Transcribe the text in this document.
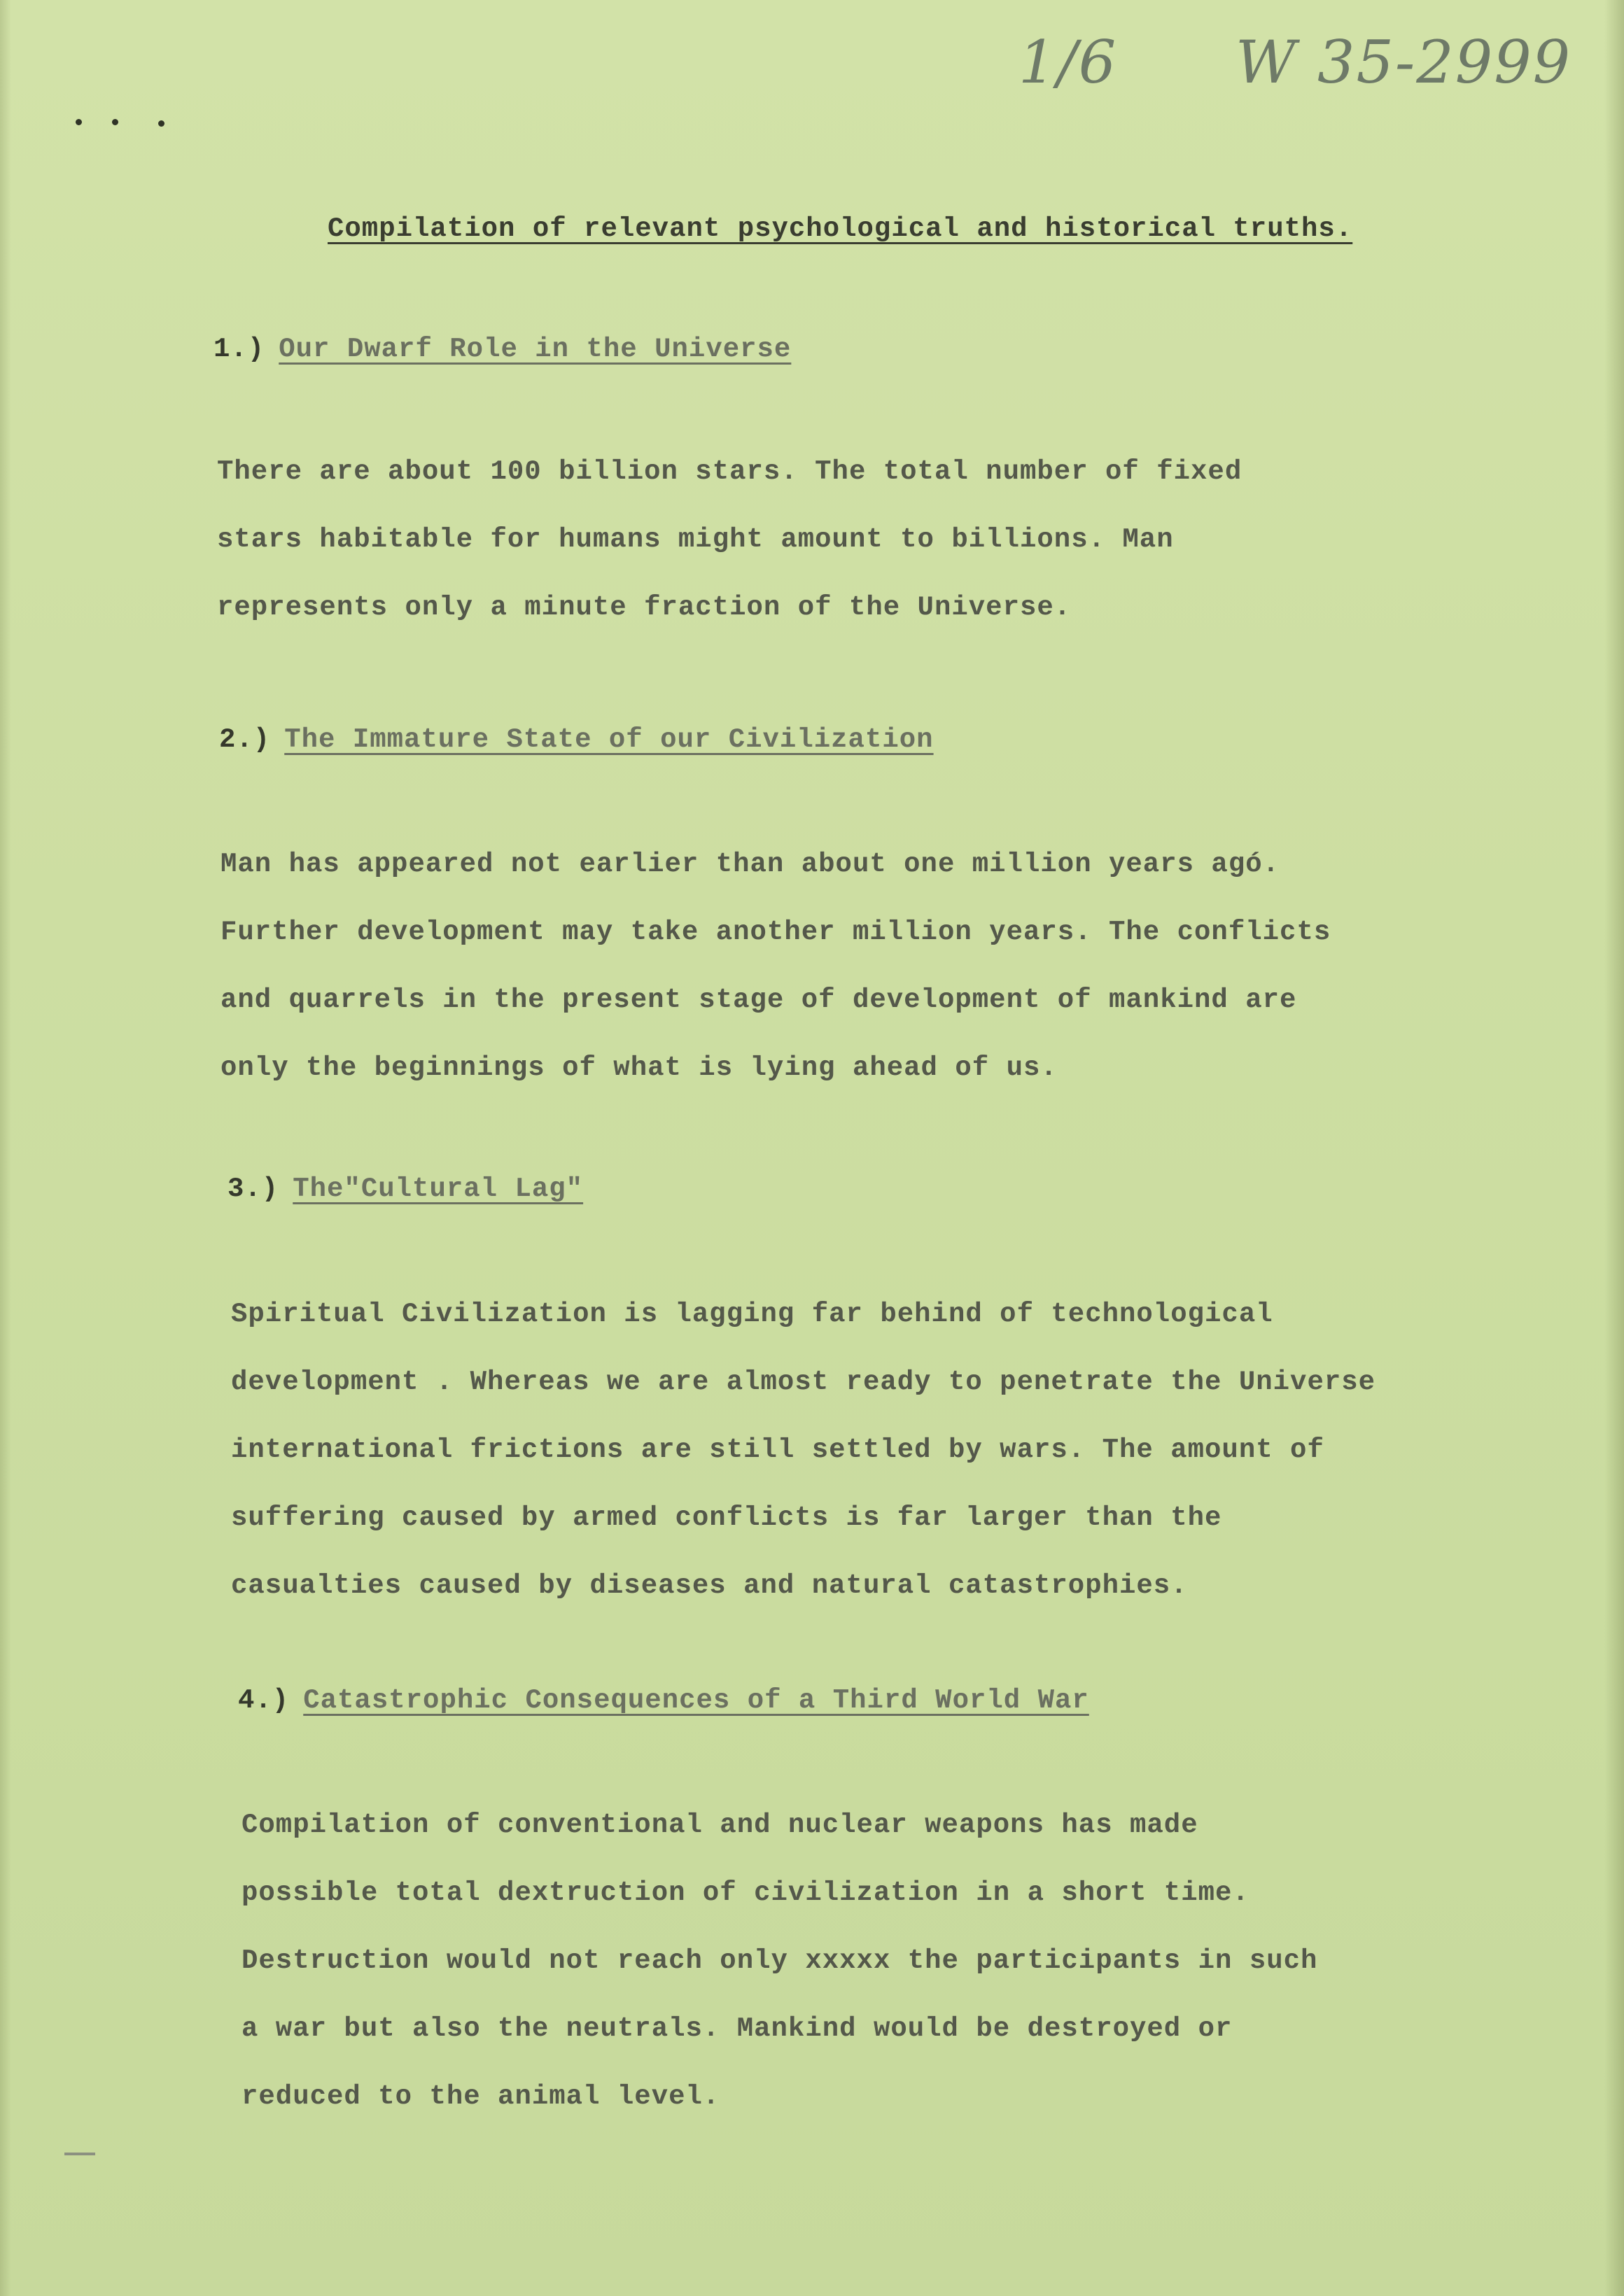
1/6 W 35-2999
Compilation of relevant psychological and historical truths.
1.) Our Dwarf Role in the Universe
There are about 100 billion stars. The total number of fixed
stars habitable for humans might amount to billions. Man
represents only a minute fraction of the Universe.
2.) The Immature State of our Civilization
Man has appeared not earlier than about one million years agó.
Further development may take another million years. The conflicts
and quarrels in the present stage of development of mankind are
only the beginnings of what is lying ahead of us.
3.) The"Cultural Lag"
Spiritual Civilization is lagging far behind of technological
development . Whereas we are almost ready to penetrate the Universe
international frictions are still settled by wars. The amount of
suffering caused by armed conflicts is far larger than the
casualties caused by diseases and natural catastrophies.
4.) Catastrophic Consequences of a Third World War
Compilation of conventional and nuclear weapons has made
possible total dextruction of civilization in a short time.
Destruction would not reach only xxxxx the participants in such
a war but also the neutrals. Mankind would be destroyed or
reduced to the animal level.
